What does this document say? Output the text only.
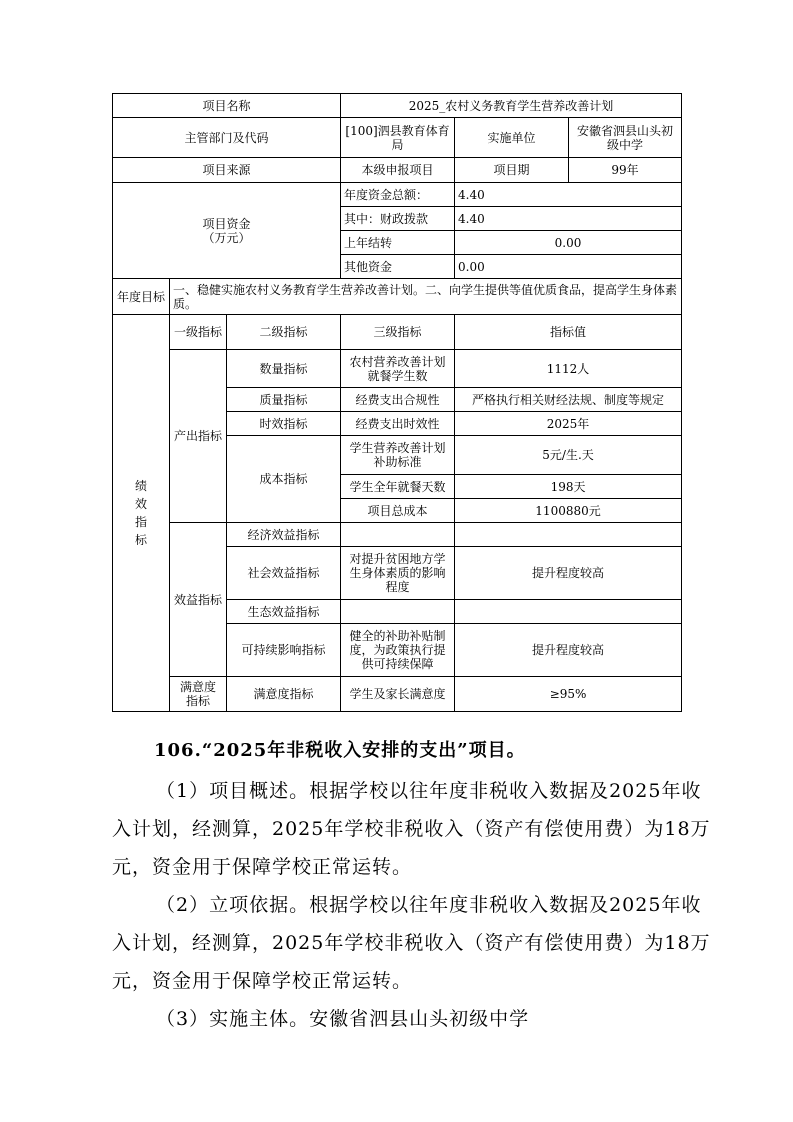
项目名称			2025_农村义务教育学生营养改善计划		
主管部门及代码			[100]泗县教育体育局	实施单位	安徽省泗县山头初级中学
项目来源			本级申报项目	项目期	99年
项目资金
（万元）			年度资金总额：	4.40	
			其中：财政拨款	4.40	
			上年结转	0.00	
			其他资金	0.00	
年度目标	一、稳健实施农村义务教育学生营养改善计划。二、向学生提供等值优质食品，提高学生身体素质。				
绩效指标	一级指标	二级指标	三级指标	指标值	
	产出指标	数量指标	农村营养改善计划就餐学生数	1112人	
		质量指标	经费支出合规性	严格执行相关财经法规、制度等规定	
		时效指标	经费支出时效性	2025年	
		成本指标	学生营养改善计划补助标准	5元/生.天	
			学生全年就餐天数	198天	
			项目总成本	1100880元	
	效益指标	经济效益指标			
		社会效益指标	对提升贫困地方学生身体素质的影响程度	提升程度较高	
		生态效益指标			
		可持续影响指标	健全的补助补贴制度，为政策执行提供可持续保障	提升程度较高	
	满意度指标	满意度指标	学生及家长满意度	≥95%	
106.“2025年非税收入安排的支出”项目。

（1）项目概述。根据学校以往年度非税收入数据及2025年收入计划，经测算，2025年学校非税收入（资产有偿使用费）为18万元，资金用于保障学校正常运转。

（2）立项依据。根据学校以往年度非税收入数据及2025年收入计划，经测算，2025年学校非税收入（资产有偿使用费）为18万元，资金用于保障学校正常运转。

（3）实施主体。安徽省泗县山头初级中学
